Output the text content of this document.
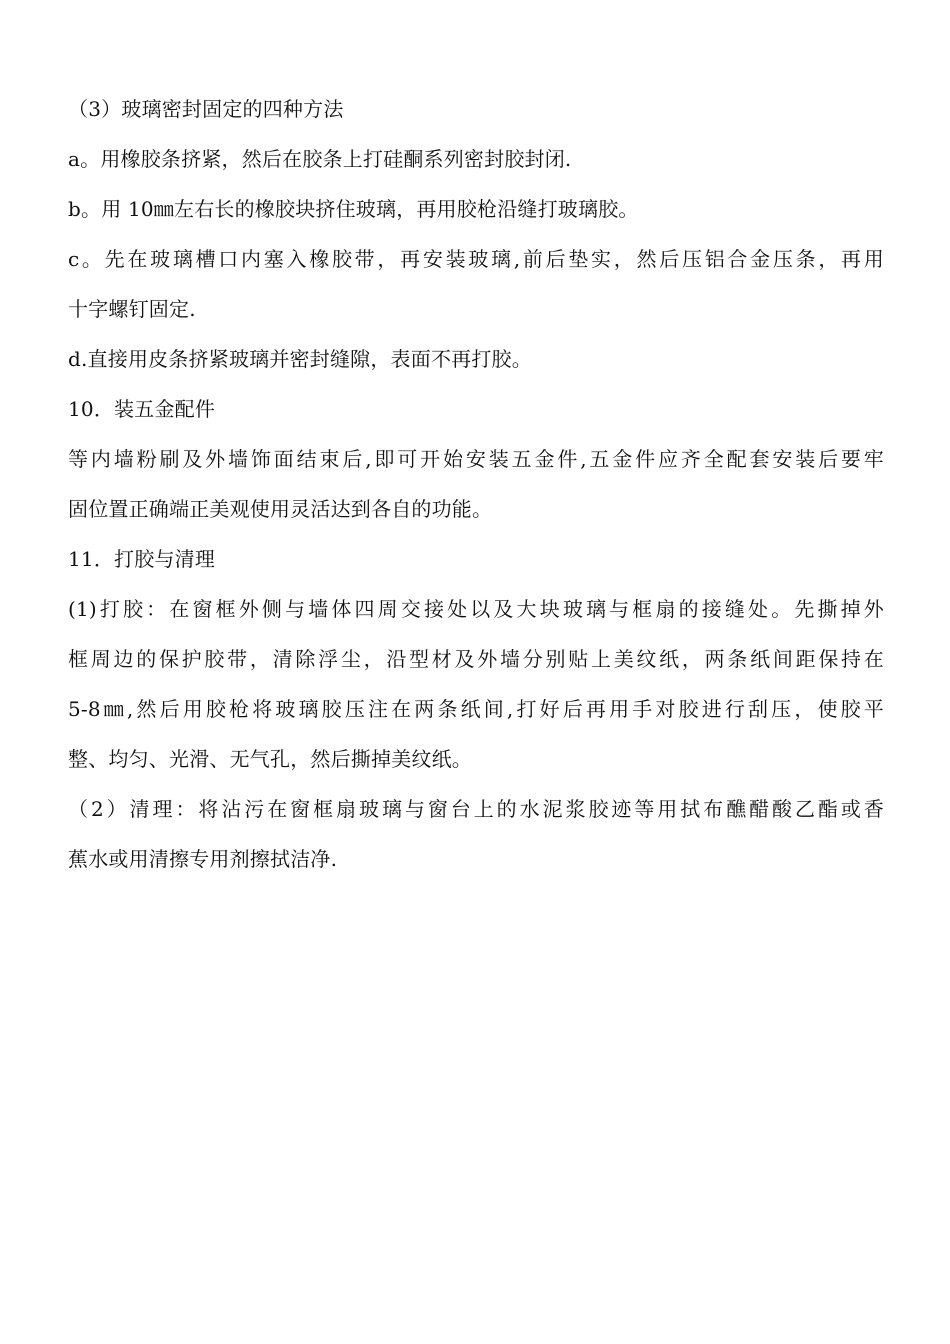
（3）玻璃密封固定的四种方法
a。用橡胶条挤紧，然后在胶条上打硅酮系列密封胶封闭.
b。用 10㎜左右长的橡胶块挤住玻璃，再用胶枪沿缝打玻璃胶。
c。先在玻璃槽口内塞入橡胶带，再安装玻璃,前后垫实，然后压铝合金压条，再用
十字螺钉固定.
d.直接用皮条挤紧玻璃并密封缝隙，表面不再打胶。
10．装五金配件
等内墙粉刷及外墙饰面结束后,即可开始安装五金件,五金件应齐全配套安装后要牢
固位置正确端正美观使用灵活达到各自的功能。
11．打胶与清理
(1)打胶：在窗框外侧与墙体四周交接处以及大块玻璃与框扇的接缝处。先撕掉外
框周边的保护胶带，清除浮尘，沿型材及外墙分别贴上美纹纸，两条纸间距保持在
5-8㎜,然后用胶枪将玻璃胶压注在两条纸间,打好后再用手对胶进行刮压，使胶平
整、均匀、光滑、无气孔，然后撕掉美纹纸。
（2）清理：将沾污在窗框扇玻璃与窗台上的水泥浆胶迹等用拭布醮醋酸乙酯或香
蕉水或用清擦专用剂擦拭洁净.
